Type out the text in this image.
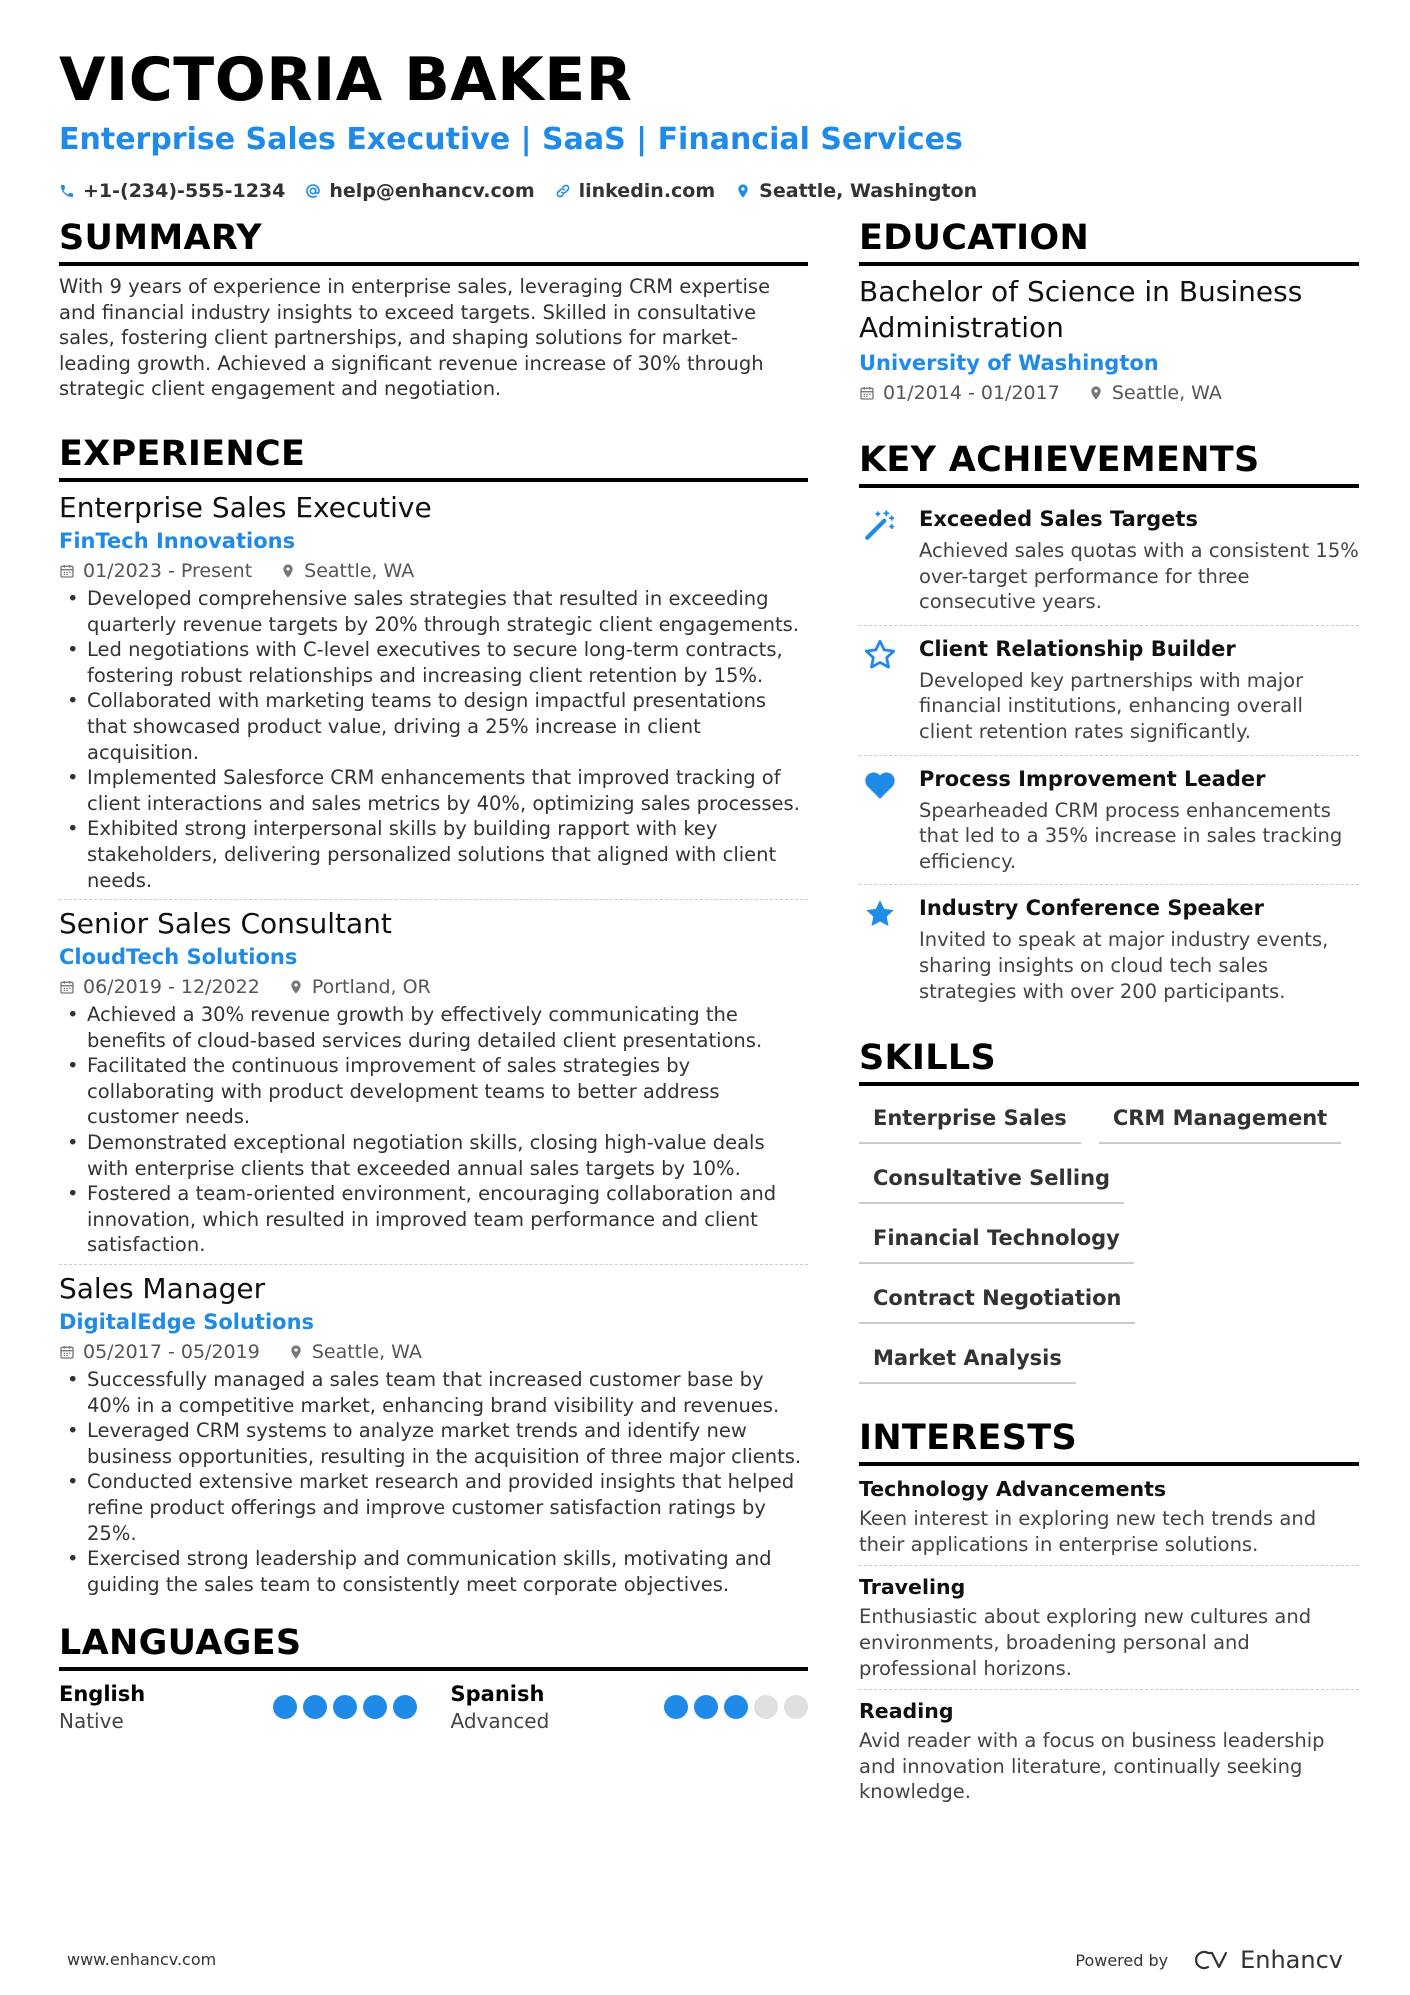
VICTORIA BAKER
Enterprise Sales Executive | SaaS | Financial Services
+1-(234)-555-1234 help@enhancv.com linkedin.com Seattle, Washington
SUMMARY
With 9 years of experience in enterprise sales, leveraging CRM expertise and financial industry insights to exceed targets. Skilled in consultative sales, fostering client partnerships, and shaping solutions for market-leading growth. Achieved a significant revenue increase of 30% through strategic client engagement and negotiation.
EXPERIENCE
Enterprise Sales Executive
FinTech Innovations
01/2023 - Present	Seattle, WA
• Developed comprehensive sales strategies that resulted in exceeding quarterly revenue targets by 20% through strategic client engagements.
• Led negotiations with C-level executives to secure long-term contracts, fostering robust relationships and increasing client retention by 15%.
• Collaborated with marketing teams to design impactful presentations that showcased product value, driving a 25% increase in client acquisition.
• Implemented Salesforce CRM enhancements that improved tracking of client interactions and sales metrics by 40%, optimizing sales processes.
• Exhibited strong interpersonal skills by building rapport with key stakeholders, delivering personalized solutions that aligned with client needs.
Senior Sales Consultant
CloudTech Solutions
06/2019 - 12/2022	Portland, OR
• Achieved a 30% revenue growth by effectively communicating the benefits of cloud-based services during detailed client presentations.
• Facilitated the continuous improvement of sales strategies by collaborating with product development teams to better address customer needs.
• Demonstrated exceptional negotiation skills, closing high-value deals with enterprise clients that exceeded annual sales targets by 10%.
• Fostered a team-oriented environment, encouraging collaboration and innovation, which resulted in improved team performance and client satisfaction.
Sales Manager
DigitalEdge Solutions
05/2017 - 05/2019	Seattle, WA
• Successfully managed a sales team that increased customer base by 40% in a competitive market, enhancing brand visibility and revenues.
• Leveraged CRM systems to analyze market trends and identify new business opportunities, resulting in the acquisition of three major clients.
• Conducted extensive market research and provided insights that helped refine product offerings and improve customer satisfaction ratings by 25%.
• Exercised strong leadership and communication skills, motivating and guiding the sales team to consistently meet corporate objectives.
LANGUAGES
English
Native
Spanish
Advanced
EDUCATION
Bachelor of Science in Business Administration
University of Washington
01/2014 - 01/2017	Seattle, WA
KEY ACHIEVEMENTS
Exceeded Sales Targets
Achieved sales quotas with a consistent 15% over-target performance for three consecutive years.
Client Relationship Builder
Developed key partnerships with major financial institutions, enhancing overall client retention rates significantly.
Process Improvement Leader
Spearheaded CRM process enhancements that led to a 35% increase in sales tracking efficiency.
Industry Conference Speaker
Invited to speak at major industry events, sharing insights on cloud tech sales strategies with over 200 participants.
SKILLS
Enterprise Sales	CRM Management
Consultative Selling
Financial Technology
Contract Negotiation
Market Analysis
INTERESTS
Technology Advancements
Keen interest in exploring new tech trends and their applications in enterprise solutions.
Traveling
Enthusiastic about exploring new cultures and environments, broadening personal and professional horizons.
Reading
Avid reader with a focus on business leadership and innovation literature, continually seeking knowledge.
www.enhancv.com	Powered by	Enhancv
